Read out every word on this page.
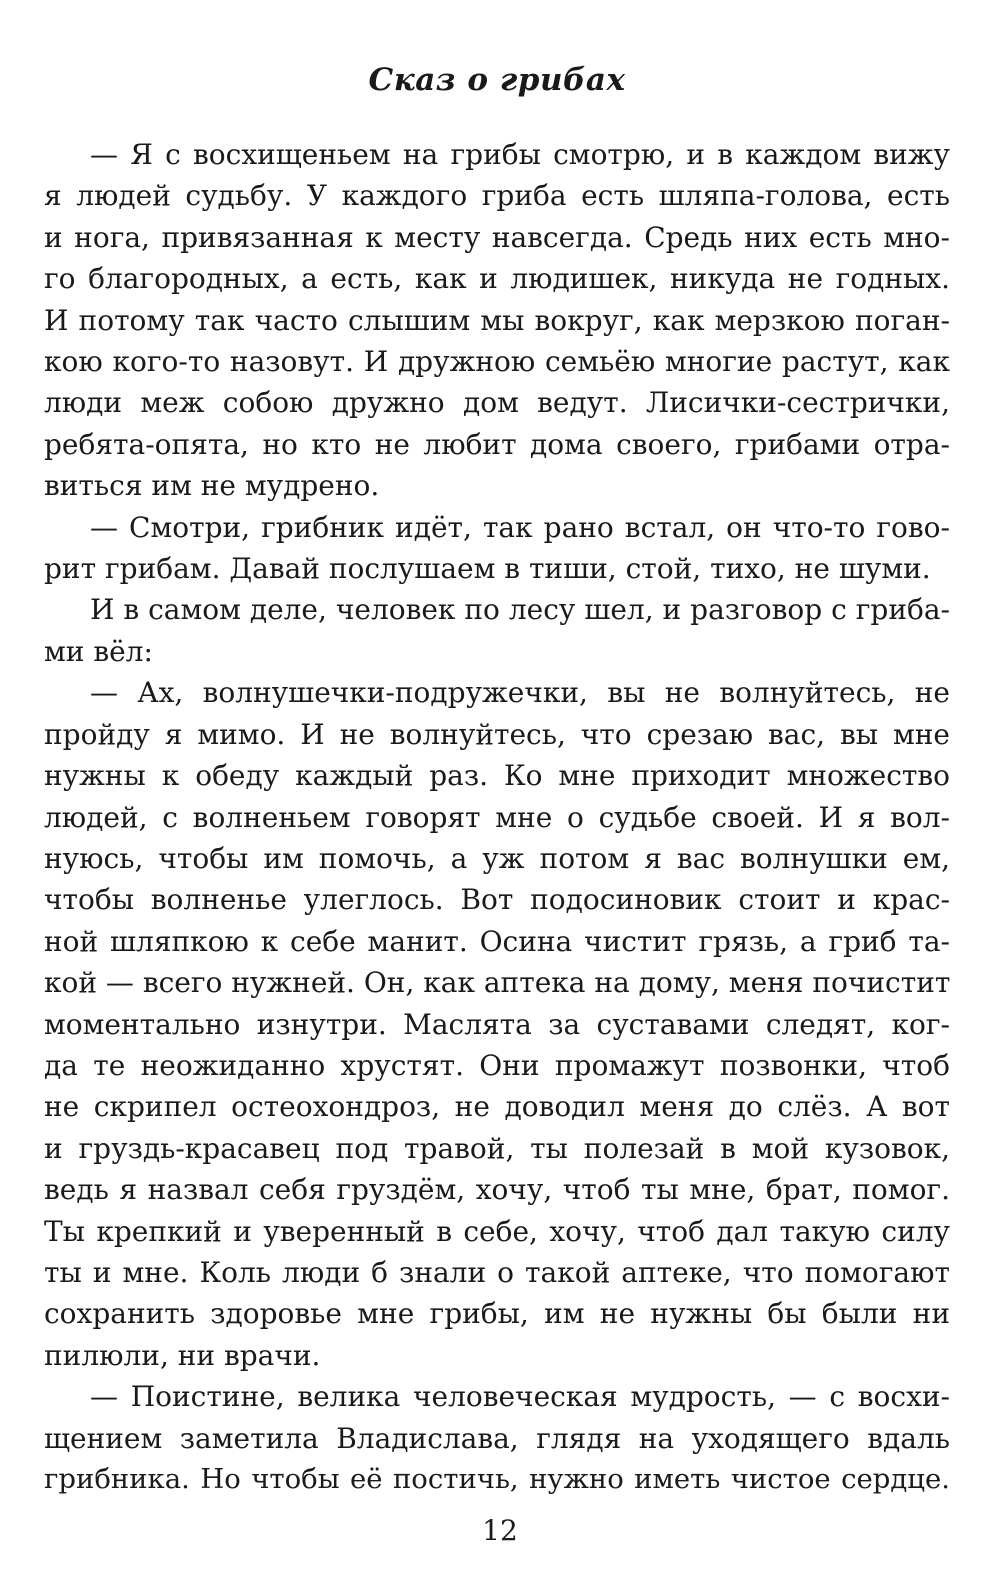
Сказ о грибах
— Я с восхищеньем на грибы смотрю, и в каждом вижу
я людей судьбу. У каждого гриба есть шляпа-голова, есть
и нога, привязанная к месту навсегда. Средь них есть мно-
го благородных, а есть, как и людишек, никуда не годных.
И потому так часто слышим мы вокруг, как мерзкою поган-
кою кого-то назовут. И дружною семьёю многие растут, как
люди меж собою дружно дом ведут. Лисички-сестрички,
ребята-опята, но кто не любит дома своего, грибами отра-
виться им не мудрено.
— Смотри, грибник идёт, так рано встал, он что-то гово-
рит грибам. Давай послушаем в тиши, стой, тихо, не шуми.
И в самом деле, человек по лесу шел, и разговор с гриба-
ми вёл:
— Ах, волнушечки-подружечки, вы не волнуйтесь, не
пройду я мимо. И не волнуйтесь, что срезаю вас, вы мне
нужны к обеду каждый раз. Ко мне приходит множество
людей, с волненьем говорят мне о судьбе своей. И я вол-
нуюсь, чтобы им помочь, а уж потом я вас волнушки ем,
чтобы волненье улеглось. Вот подосиновик стоит и крас-
ной шляпкою к себе манит. Осина чистит грязь, а гриб та-
кой — всего нужней. Он, как аптека на дому, меня почистит
моментально изнутри. Маслята за суставами следят, ког-
да те неожиданно хрустят. Они промажут позвонки, чтоб
не скрипел остеохондроз, не доводил меня до слёз. А вот
и груздь-красавец под травой, ты полезай в мой кузовок,
ведь я назвал себя груздём, хочу, чтоб ты мне, брат, помог.
Ты крепкий и уверенный в себе, хочу, чтоб дал такую силу
ты и мне. Коль люди б знали о такой аптеке, что помогают
сохранить здоровье мне грибы, им не нужны бы были ни
пилюли, ни врачи.
— Поистине, велика человеческая мудрость, — с восхи-
щением заметила Владислава, глядя на уходящего вдаль
грибника. Но чтобы её постичь, нужно иметь чистое сердце.
12
